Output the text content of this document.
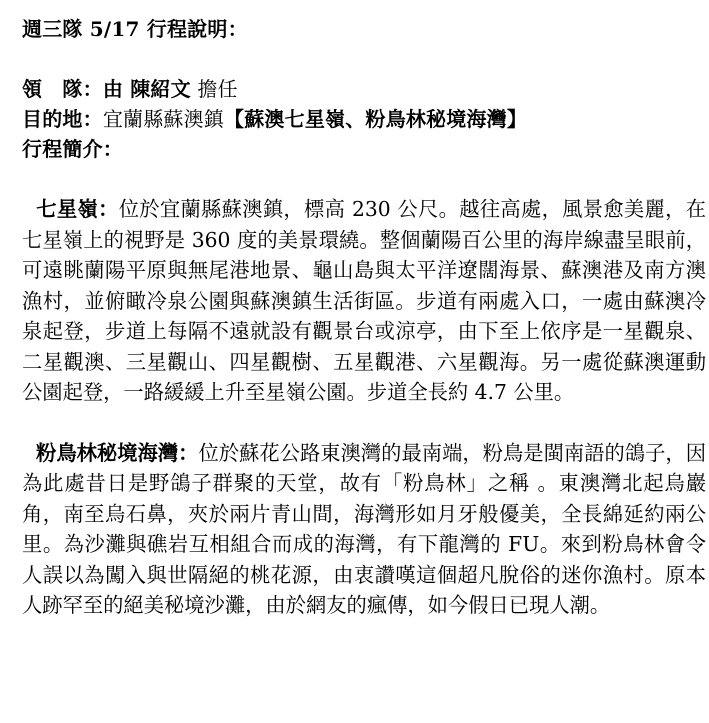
週三隊 5/17 行程說明：
領　隊：由 陳紹文 擔任
目的地：宜蘭縣蘇澳鎮【蘇澳七星嶺、粉鳥林秘境海灣】
行程簡介：
七星嶺：位於宜蘭縣蘇澳鎮，標高 230 公尺。越往高處，風景愈美麗，在七星嶺上的視野是 360 度的美景環繞。整個蘭陽百公里的海岸線盡呈眼前，可遠眺蘭陽平原與無尾港地景、龜山島與太平洋遼闊海景、蘇澳港及南方澳漁村，並俯瞰冷泉公園與蘇澳鎮生活街區。步道有兩處入口，一處由蘇澳冷泉起登，步道上每隔不遠就設有觀景台或涼亭，由下至上依序是一星觀泉、二星觀澳、三星觀山、四星觀樹、五星觀港、六星觀海。另一處從蘇澳運動公園起登，一路緩緩上升至星嶺公園。步道全長約 4.7 公里。
粉鳥林秘境海灣：位於蘇花公路東澳灣的最南端，粉鳥是閩南語的鴿子，因為此處昔日是野鴿子群聚的天堂，故有「粉鳥林」之稱 。東澳灣北起烏巖角，南至烏石鼻，夾於兩片青山間，海灣形如月牙般優美，全長綿延約兩公里。為沙灘與礁岩互相組合而成的海灣，有下龍灣的 FU。來到粉鳥林會令人誤以為闖入與世隔絕的桃花源，由衷讚嘆這個超凡脫俗的迷你漁村。原本人跡罕至的絕美秘境沙灘，由於網友的瘋傳，如今假日已現人潮。
